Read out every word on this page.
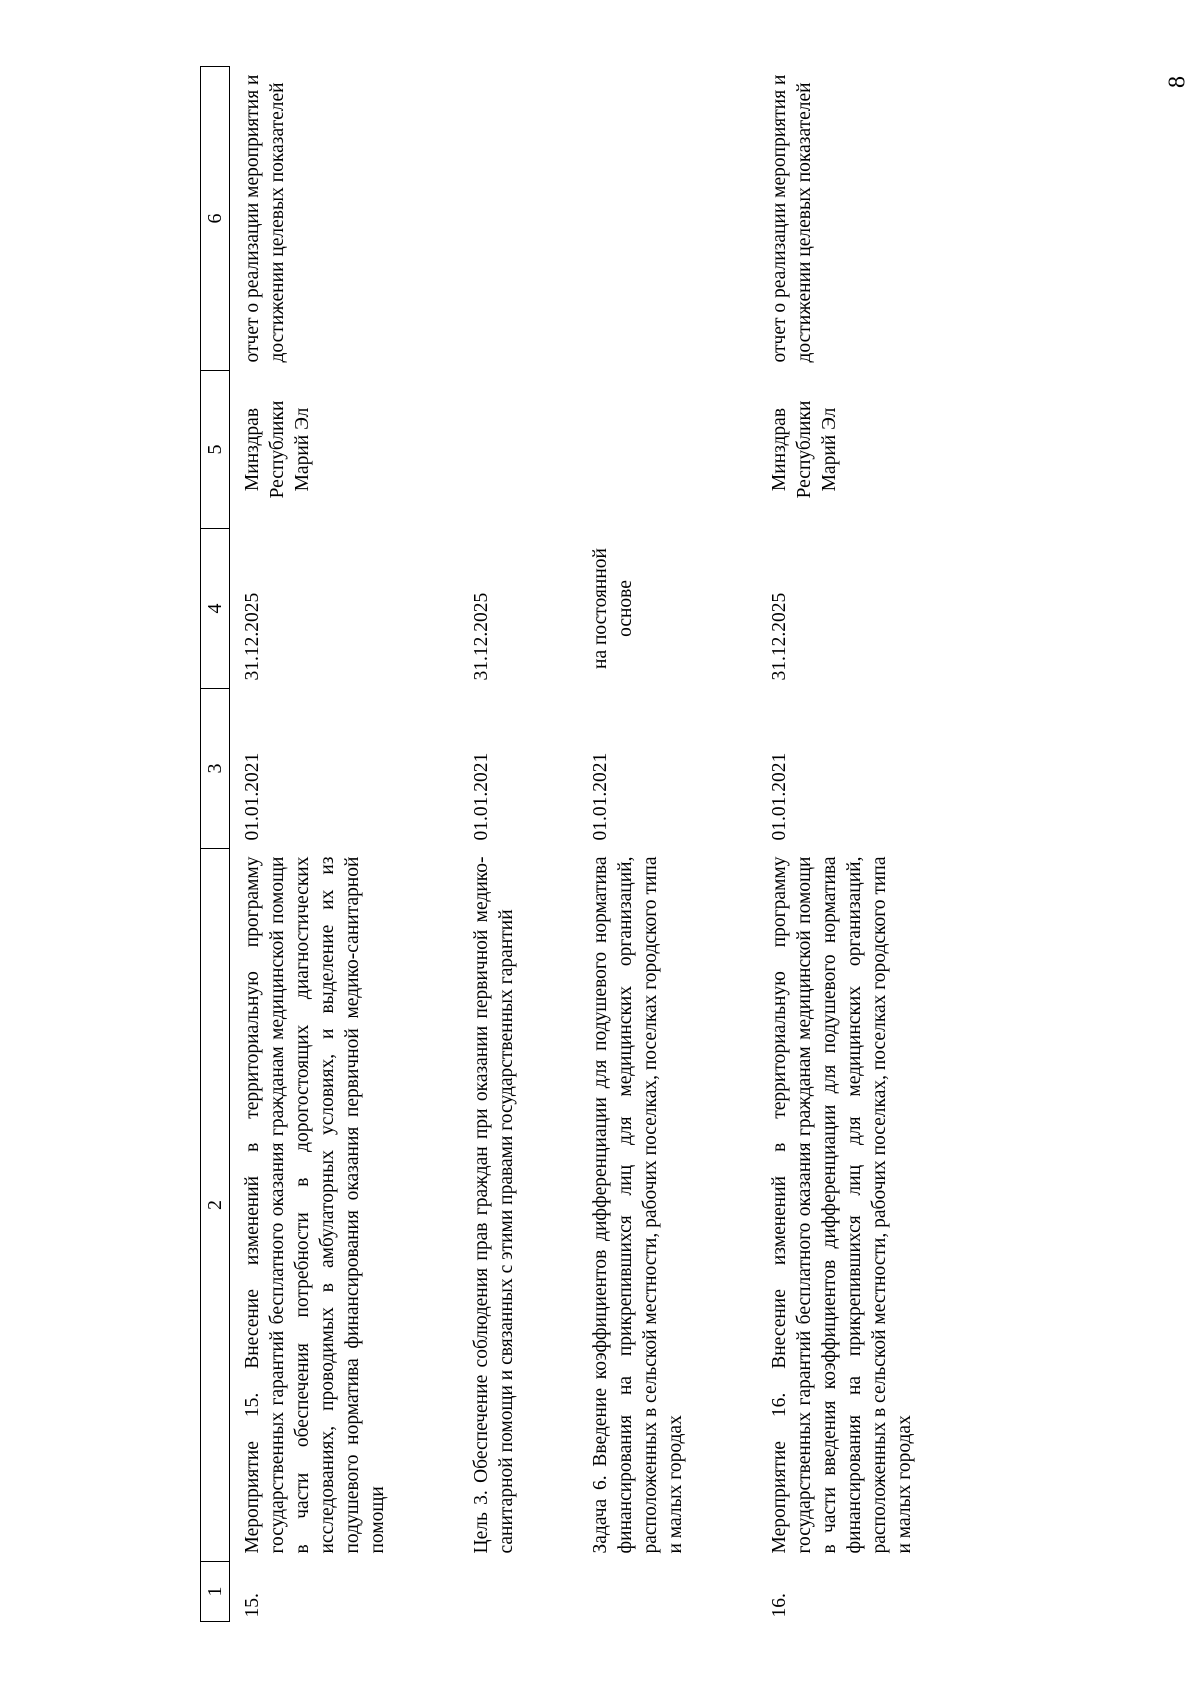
8
1	2	3	4	5	6
15.	Мероприятие 15. Внесение изменений в территориальную программу государственных гарантий бесплатного оказания гражданам медицинской помощи в части обеспечения потребности в дорогостоящих диагностических исследованиях, проводимых в амбулаторных условиях, и выделение их из подушевого норматива финансирования оказания первичной медико-санитарной помощи	01.01.2021	31.12.2025	Минздрав Республики Марий Эл	отчет о реализации мероприятия и достижении целевых показателей
	Цель 3. Обеспечение соблюдения прав граждан при оказании первичной медико-санитарной помощи и связанных с этими правами государственных гарантий	01.01.2021	31.12.2025		
	Задача 6. Введение коэффициентов дифференциации для подушевого норматива финансирования на прикрепившихся лиц для медицинских организаций, расположенных в сельской местности, рабочих поселках, поселках городского типа и малых городах	01.01.2021	на постоянной основе		
16.	Мероприятие 16. Внесение изменений в территориальную программу государственных гарантий бесплатного оказания гражданам медицинской помощи в части введения коэффициентов дифференциации для подушевого норматива финансирования на прикрепившихся лиц для медицинских организаций, расположенных в сельской местности, рабочих поселках, поселках городского типа и малых городах	01.01.2021	31.12.2025	Минздрав Республики Марий Эл	отчет о реализации мероприятия и достижении целевых показателей
